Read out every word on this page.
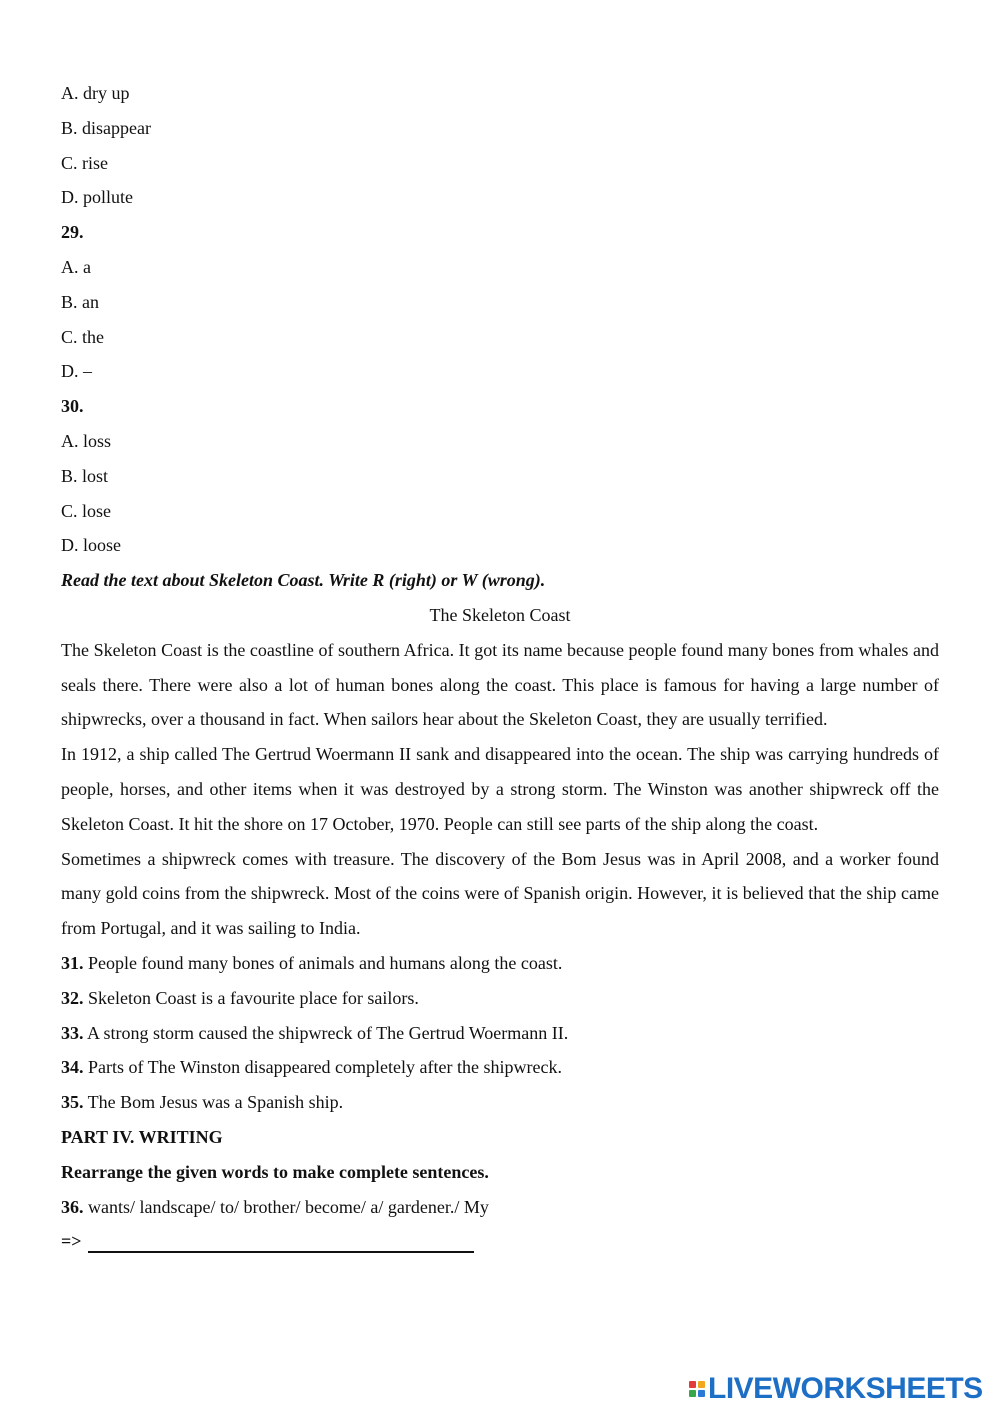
A. dry up
B. disappear
C. rise
D. pollute
29.
A. a
B. an
C. the
D. –
30.
A. loss
B. lost
C. lose
D. loose
Read the text about Skeleton Coast. Write R (right) or W (wrong).
The Skeleton Coast
The Skeleton Coast is the coastline of southern Africa. It got its name because people found many bones from whales and seals there. There were also a lot of human bones along the coast. This place is famous for having a large number of shipwrecks, over a thousand in fact. When sailors hear about the Skeleton Coast, they are usually terrified.
In 1912, a ship called The Gertrud Woermann II sank and disappeared into the ocean. The ship was carrying hundreds of people, horses, and other items when it was destroyed by a strong storm. The Winston was another shipwreck off the Skeleton Coast. It hit the shore on 17 October, 1970. People can still see parts of the ship along the coast.
Sometimes a shipwreck comes with treasure. The discovery of the Bom Jesus was in April 2008, and a worker found many gold coins from the shipwreck. Most of the coins were of Spanish origin. However, it is believed that the ship came from Portugal, and it was sailing to India.
31. People found many bones of animals and humans along the coast.
32. Skeleton Coast is a favourite place for sailors.
33. A strong storm caused the shipwreck of The Gertrud Woermann II.
34. Parts of The Winston disappeared completely after the shipwreck.
35. The Bom Jesus was a Spanish ship.
PART IV. WRITING
Rearrange the given words to make complete sentences.
36. wants/ landscape/ to/ brother/ become/ a/ gardener./ My
=>
LIVEWORKSHEETS
